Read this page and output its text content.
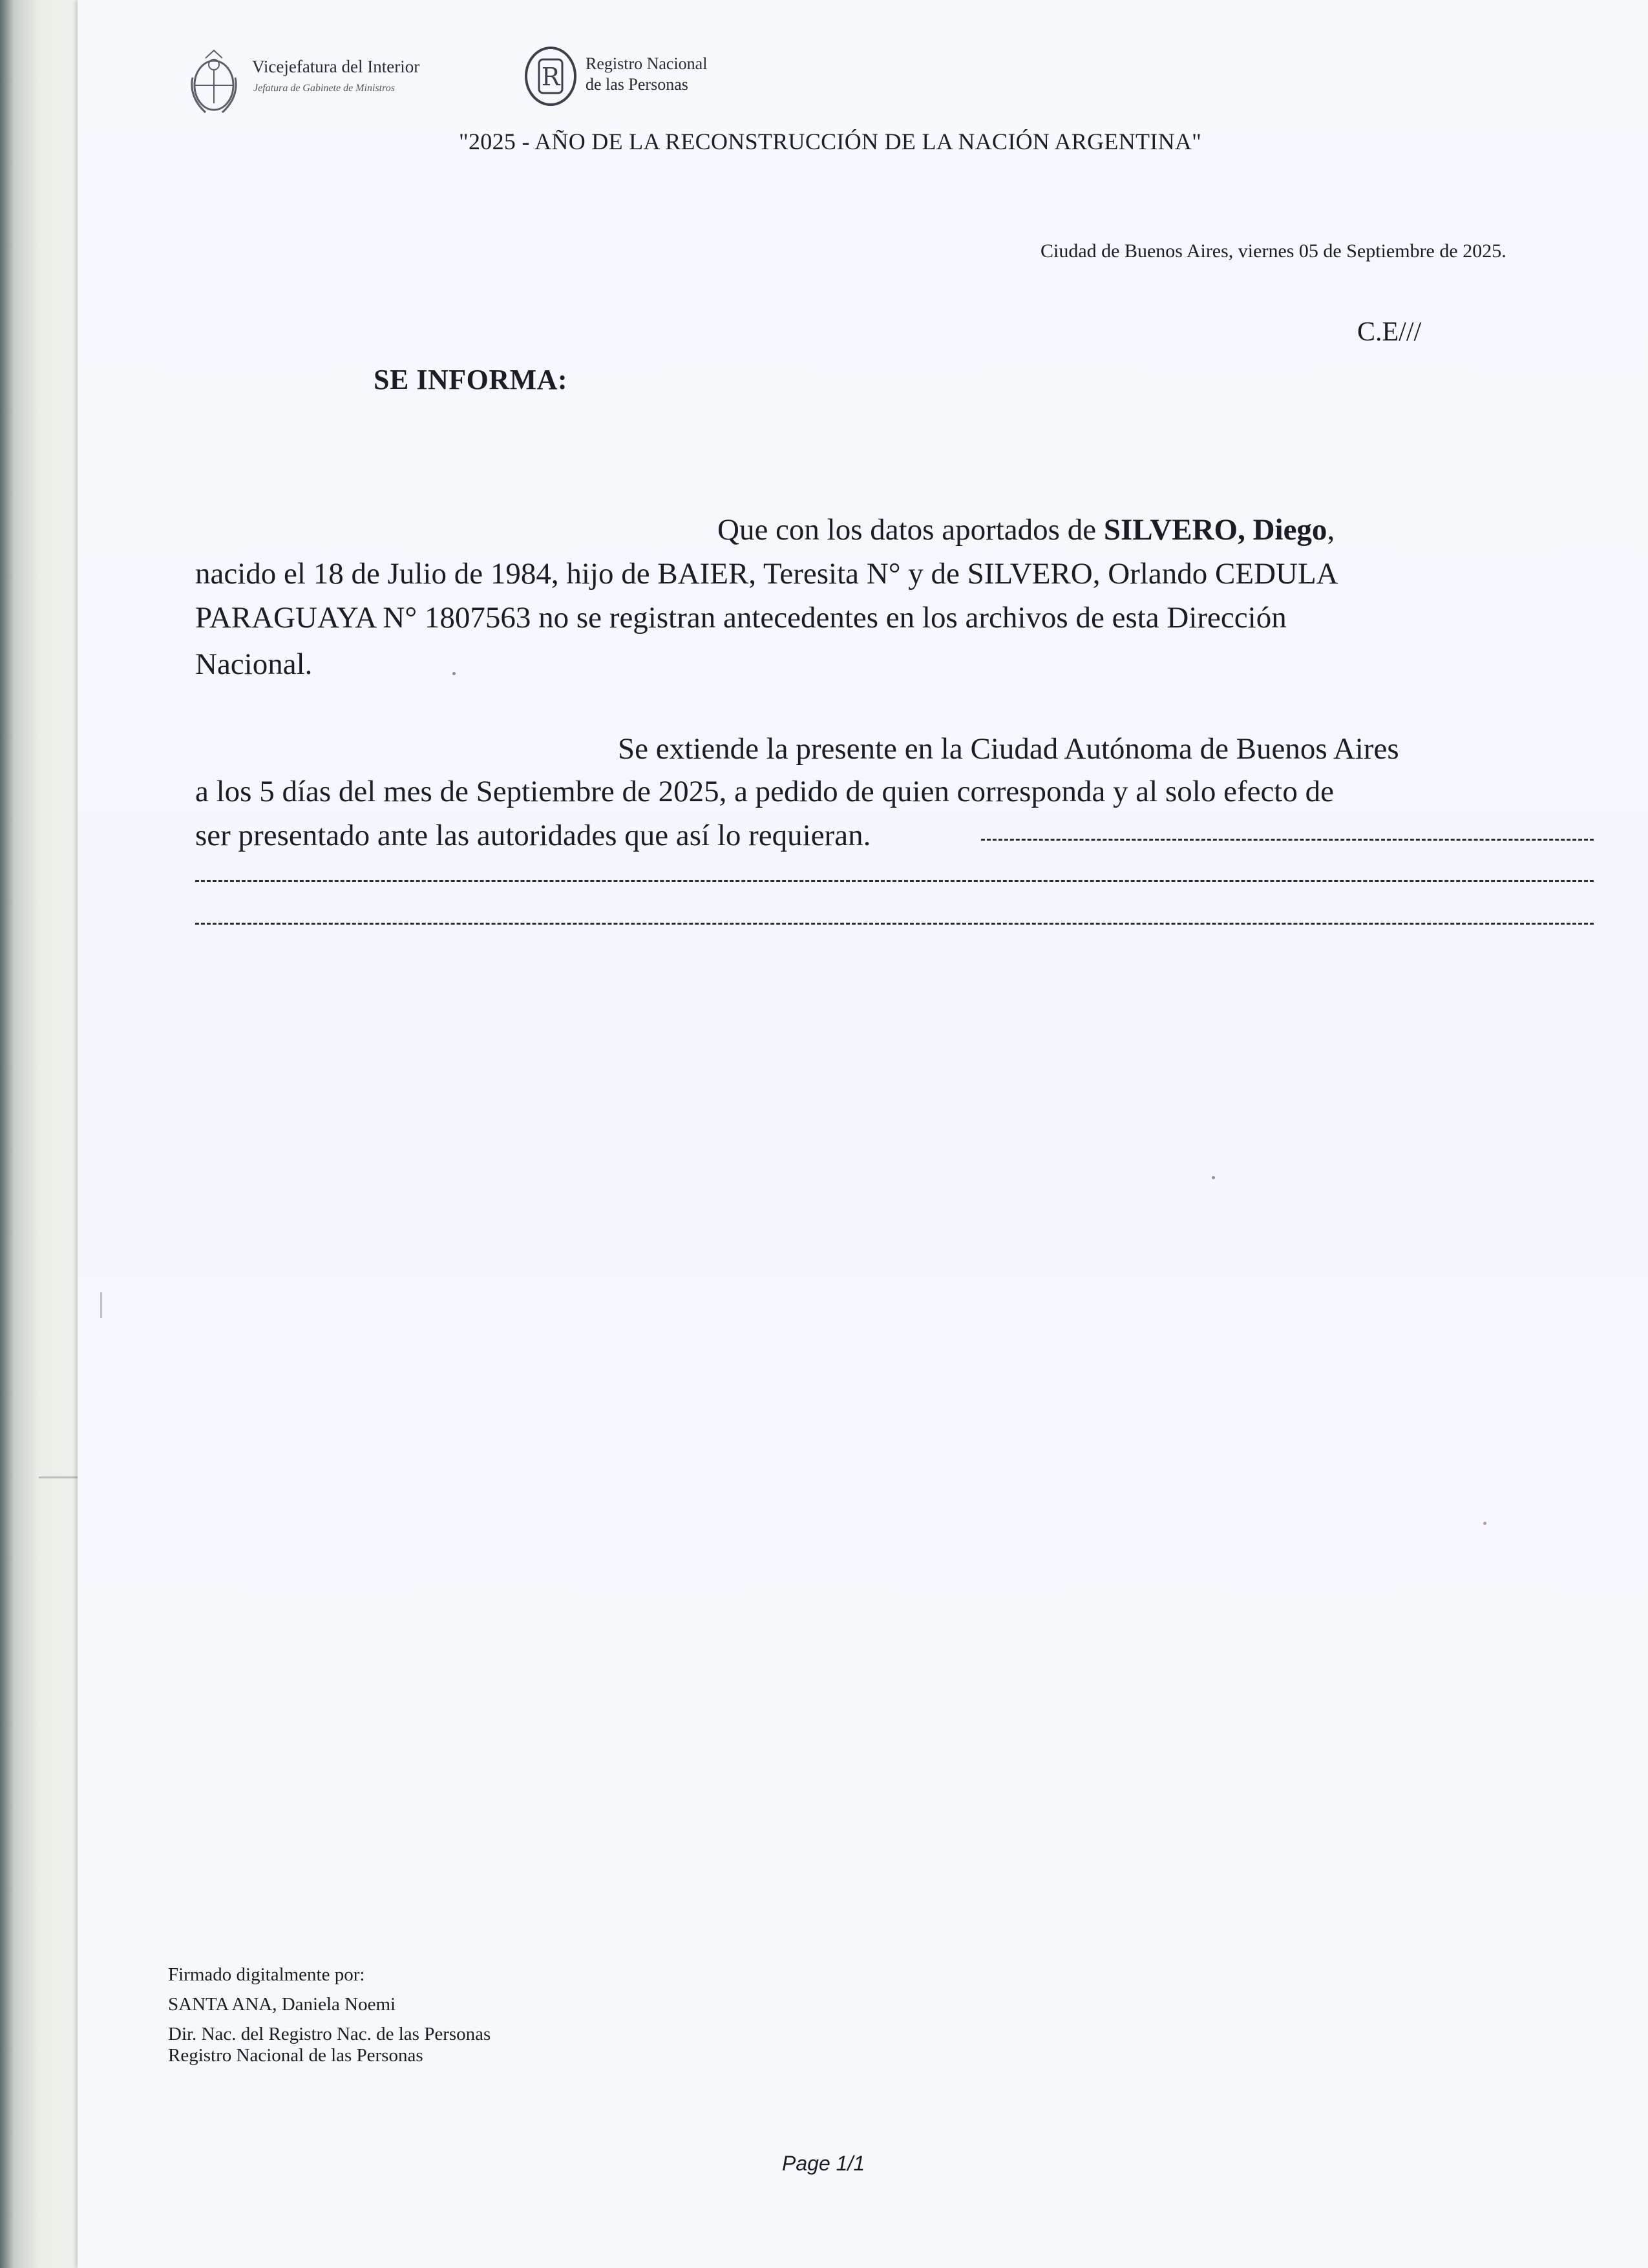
Vicejefatura del Interior
Jefatura de Gabinete de Ministros	R Registro Nacional
de las Personas
"2025 - AÑO DE LA RECONSTRUCCIÓN DE LA NACIÓN ARGENTINA"
Ciudad de Buenos Aires, viernes 05 de Septiembre de 2025.
C.E///
SE INFORMA:
Que con los datos aportados de SILVERO, Diego,
nacido el 18 de Julio de 1984, hijo de BAIER, Teresita N° y de SILVERO, Orlando CEDULA
PARAGUAYA N° 1807563 no se registran antecedentes en los archivos de esta Dirección
Nacional.
Se extiende la presente en la Ciudad Autónoma de Buenos Aires
a los 5 días del mes de Septiembre de 2025, a pedido de quien corresponda y al solo efecto de
ser presentado ante las autoridades que así lo requieran.
Firmado digitalmente por:
SANTA ANA, Daniela Noemi
Dir. Nac. del Registro Nac. de las Personas
Registro Nacional de las Personas
Page 1/1
